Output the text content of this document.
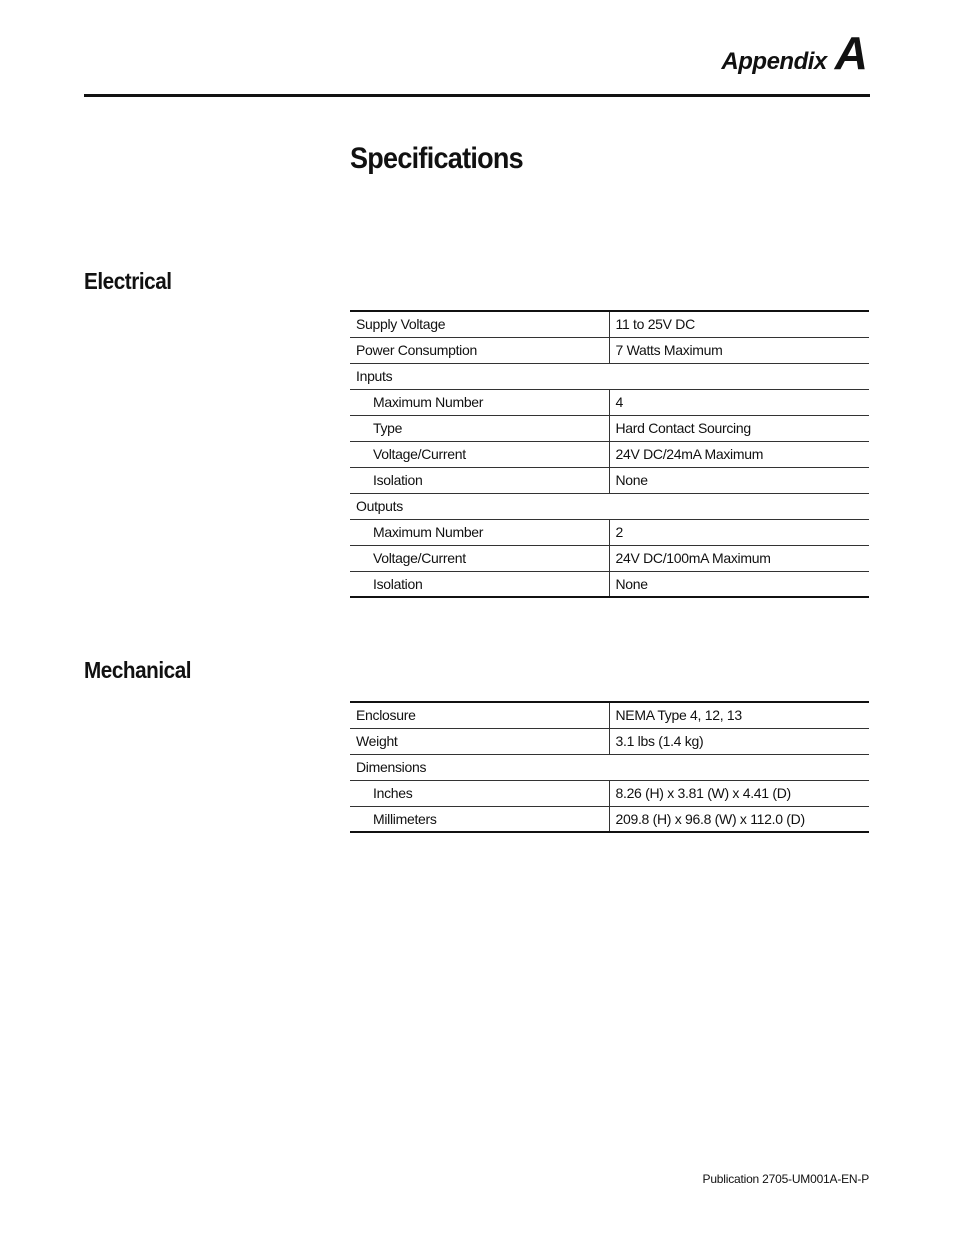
Appendix A
Specifications
Electrical
Supply Voltage	11 to 25V DC
Power Consumption	7 Watts Maximum
Inputs	
Maximum Number	4
Type	Hard Contact Sourcing
Voltage/Current	24V DC/24mA Maximum
Isolation	None
Outputs	
Maximum Number	2
Voltage/Current	24V DC/100mA Maximum
Isolation	None
Mechanical
Enclosure	NEMA Type 4, 12, 13
Weight	3.1 lbs (1.4 kg)
Dimensions	
Inches	8.26 (H) x 3.81 (W) x 4.41 (D)
Millimeters	209.8 (H) x 96.8 (W) x 112.0 (D)
Publication 2705-UM001A-EN-P
